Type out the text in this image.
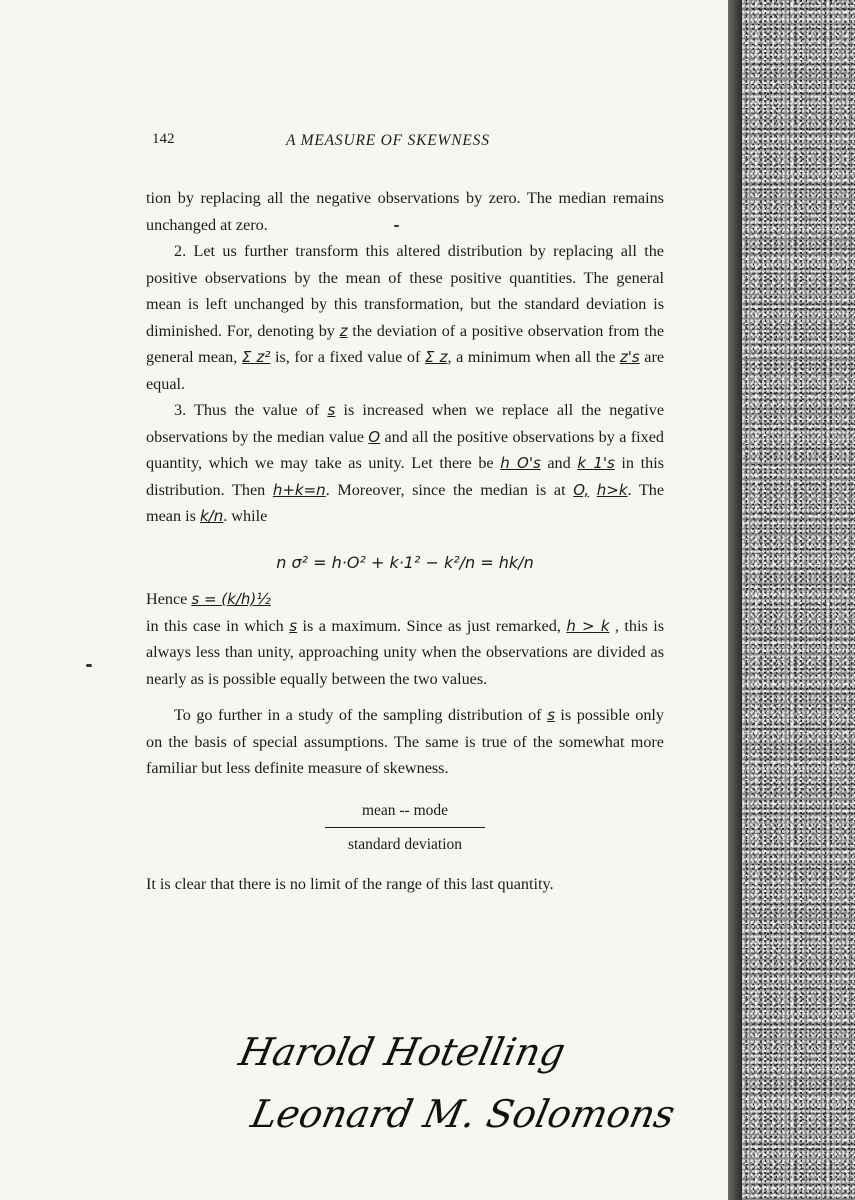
142	A MEASURE OF SKEWNESS

tion by replacing all the negative observations by zero. The median remains unchanged at zero.

2. Let us further transform this altered distribution by replacing all the positive observations by the mean of these positive quantities. The general mean is left unchanged by this transformation, but the standard deviation is diminished. For, denoting by z the deviation of a positive observation from the general mean, Σ z² is, for a fixed value of Σ z, a minimum when all the z's are equal.

3. Thus the value of s is increased when we replace all the negative observations by the median value O and all the positive observations by a fixed quantity, which we may take as unity. Let there be h O's and k 1's in this distribution. Then h+k=n. Moreover, since the median is at O, h>k. The mean is k/n. while

n σ² = h·O² + k·1² − k²/n = hk/n

Hence s = (k/h)½

in this case in which s is a maximum. Since as just remarked, h > k , this is always less than unity, approaching unity when the observations are divided as nearly as is possible equally between the two values.

To go further in a study of the sampling distribution of s is possible only on the basis of special assumptions. The same is true of the somewhat more familiar but less definite measure of skewness.

mean -- mode
standard deviation

It is clear that there is no limit of the range of this last quantity.

Harold Hotelling
Leonard M. Solomons
